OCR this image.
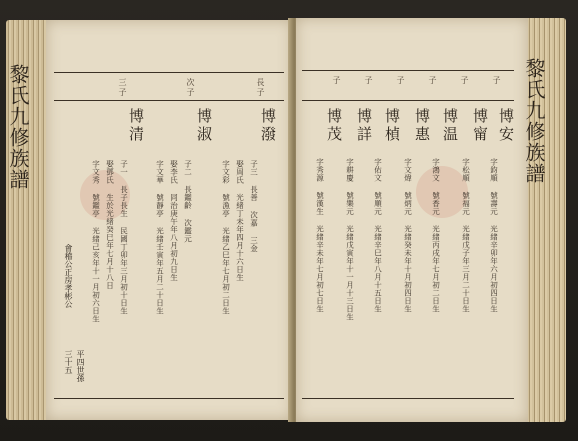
三子	次子	長子
博清	博淑	博潑
字文秀 號鑑亭 光緒己亥年十一月初六日生 娶鄧氏 生於光緒癸巳年七月十八日 子一 長子長生 民國丁卯年三月初十日生	字文華 號靜亭 光緒壬寅年五月二十日生 娶李氏 同治庚午年八月初九日生 子二 長鑑齡 次鑑元	字文彩 號漁亭 光緒乙巳年七月初二日生 娶周氏 光緒丁未年四月十六日生 子三 長善 次嘉 三金
會稽公正房孝彬公
三十五 平四世孫
黎氏九修族譜	子	子	子	子	子	子
博茂 博詳 博楨 博惠 博温 博甯 博安
字秀源 號漢生 光緒辛未年七月初七日生	字耕慶 號樂元 光緒戊寅年十一月十三日生	字佑文 號順元 光緒辛巳年八月十五日生	字文煒 號炳元 光緒癸未年十月初四日生	字鴻文 號香元 光緒丙戌年七月初二日生	字松順 號福元 光緒戊子年三月二十日生	字鈞順 號壽元 光緒辛卯年六月初四日生
黎氏九修族譜
